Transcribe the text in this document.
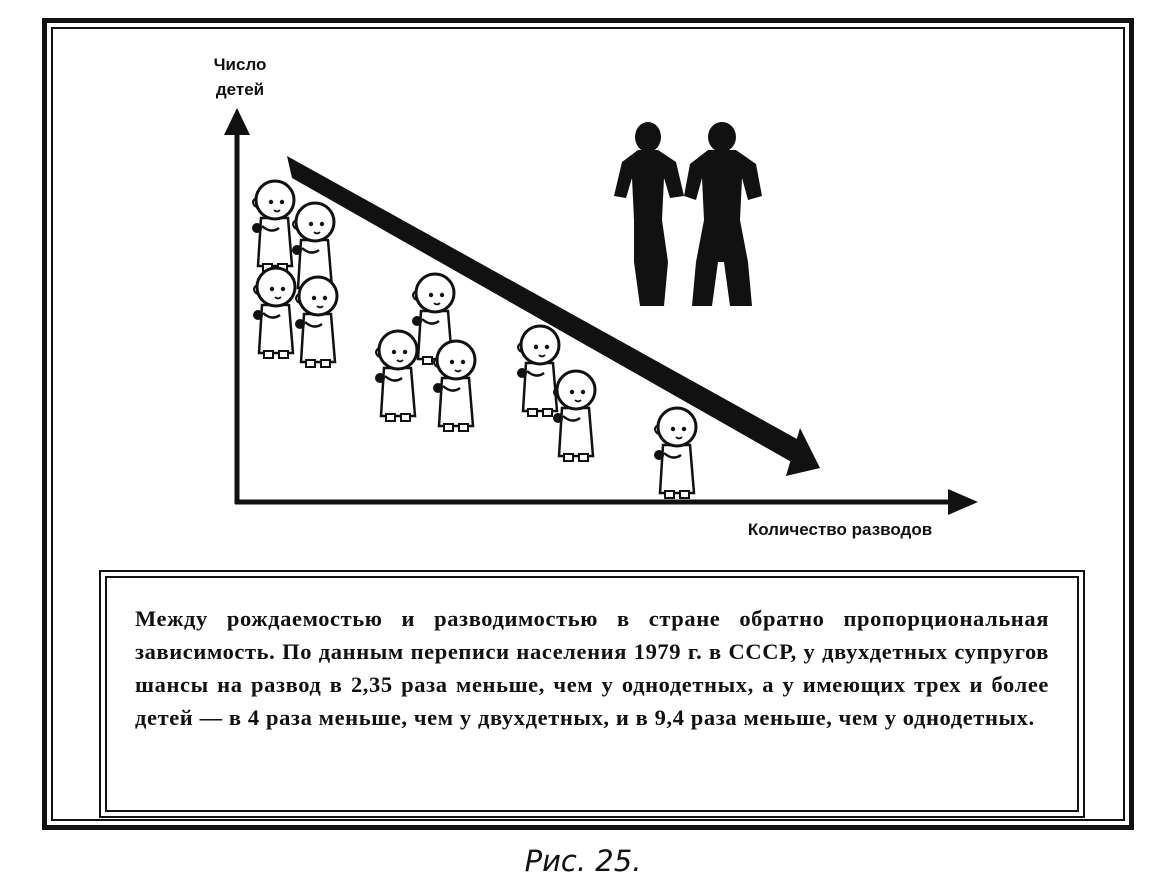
Число детей
Количество разводов
Между рождаемостью и разводимостью в стране обратно пропорциональная зависимость. По данным переписи населения 1979 г. в СССР, у двухдетных супругов шансы на развод в 2,35 раза меньше, чем у однодетных, а у имеющих трех и более детей — в 4 раза меньше, чем у двухдетных, и в 9,4 раза меньше, чем у однодетных.
Рис. 25.
